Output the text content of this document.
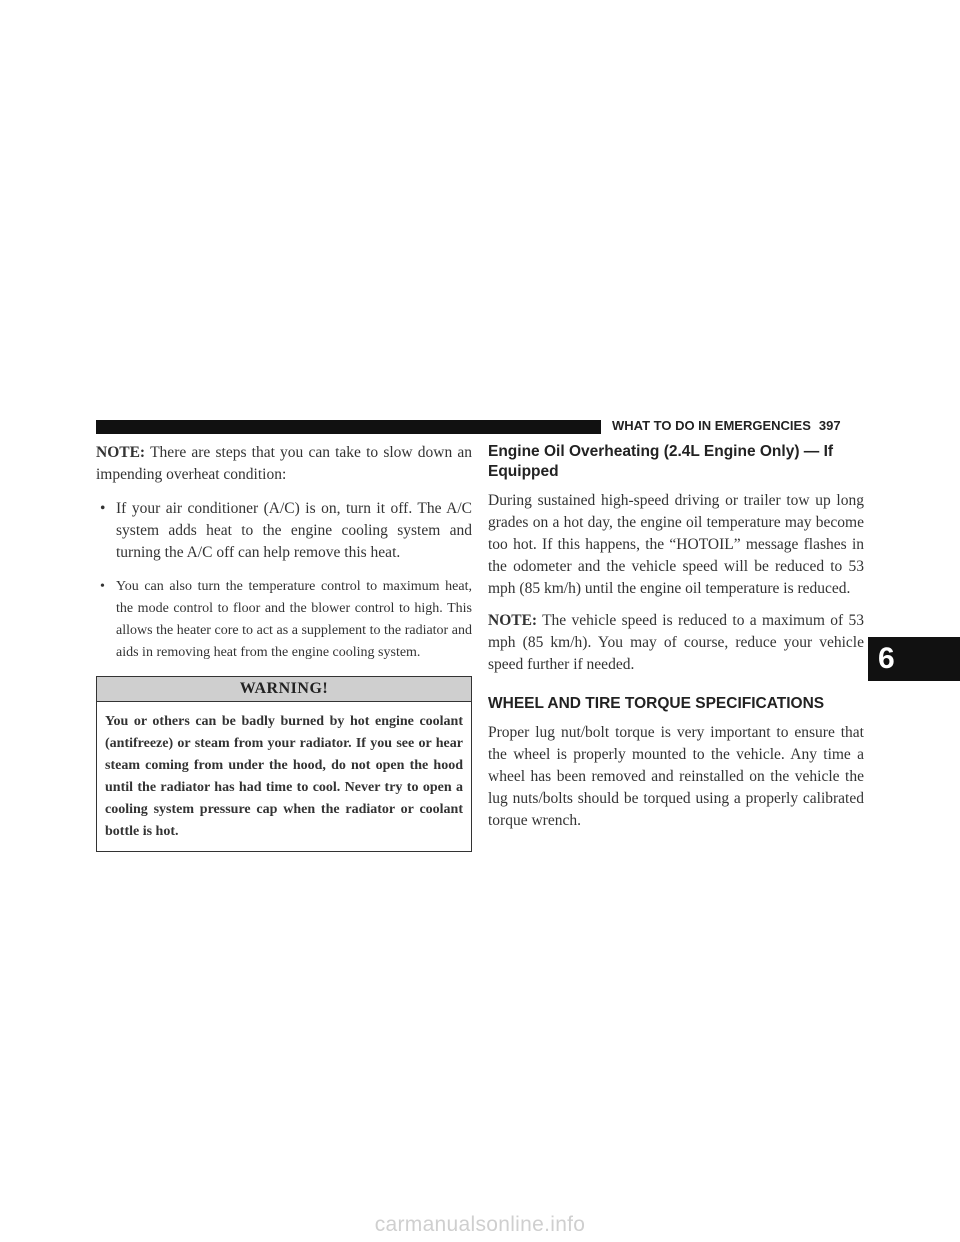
WHAT TO DO IN EMERGENCIES 397

NOTE: There are steps that you can take to slow down an impending overheat condition:

• If your air conditioner (A/C) is on, turn it off. The A/C system adds heat to the engine cooling system and turning the A/C off can help remove this heat.
• You can also turn the temperature control to maximum heat, the mode control to floor and the blower control to high. This allows the heater core to act as a supplement to the radiator and aids in removing heat from the engine cooling system.
WARNING!
You or others can be badly burned by hot engine coolant (antifreeze) or steam from your radiator. If you see or hear steam coming from under the hood, do not open the hood until the radiator has had time to cool. Never try to open a cooling system pressure cap when the radiator or coolant bottle is hot.
Engine Oil Overheating (2.4L Engine Only) — If Equipped

During sustained high-speed driving or trailer tow up long grades on a hot day, the engine oil temperature may become too hot. If this happens, the “HOTOIL” message flashes in the odometer and the vehicle speed will be reduced to 53 mph (85 km/h) until the engine oil temperature is reduced.

NOTE: The vehicle speed is reduced to a maximum of 53 mph (85 km/h). You may of course, reduce your vehicle speed further if needed.

WHEEL AND TIRE TORQUE SPECIFICATIONS

Proper lug nut/bolt torque is very important to ensure that the wheel is properly mounted to the vehicle. Any time a wheel has been removed and reinstalled on the vehicle the lug nuts/bolts should be torqued using a properly calibrated torque wrench.

6
carmanualsonline.info
